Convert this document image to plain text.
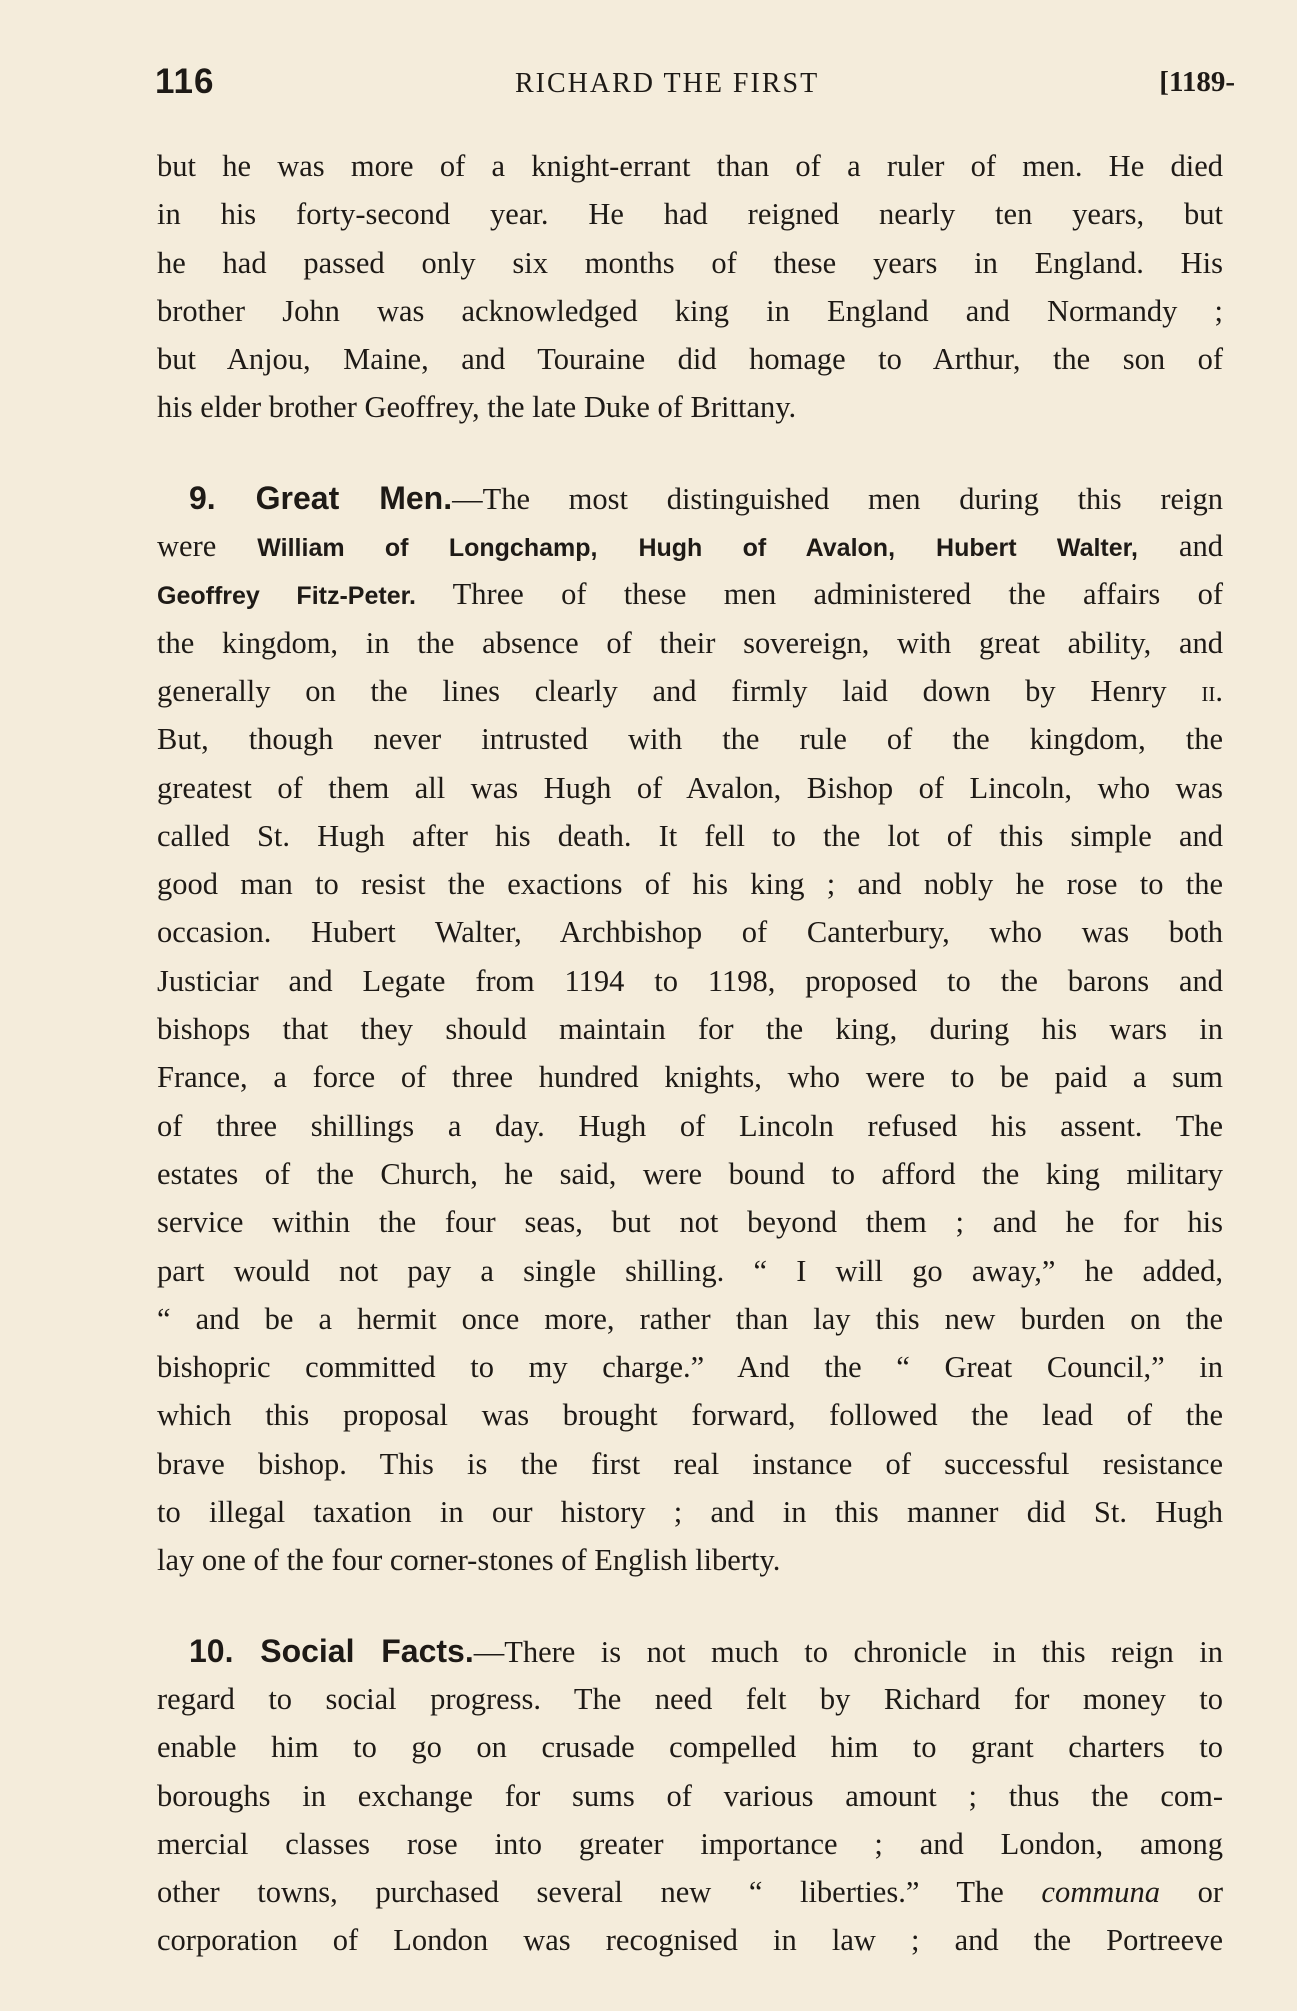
116	RICHARD THE FIRST	[1189-
but he was more of a knight-errant than of a ruler of men. He died
in his forty-second year. He had reigned nearly ten years, but
he had passed only six months of these years in England. His
brother John was acknowledged king in England and Normandy ;
but Anjou, Maine, and Touraine did homage to Arthur, the son of
his elder brother Geoffrey, the late Duke of Brittany.
9. Great Men.—The most distinguished men during this reign
were William of Longchamp, Hugh of Avalon, Hubert Walter, and
Geoffrey Fitz-Peter. Three of these men administered the affairs of
the kingdom, in the absence of their sovereign, with great ability, and
generally on the lines clearly and firmly laid down by Henry ii.
But, though never intrusted with the rule of the kingdom, the
greatest of them all was Hugh of Avalon, Bishop of Lincoln, who was
called St. Hugh after his death. It fell to the lot of this simple and
good man to resist the exactions of his king ; and nobly he rose to the
occasion. Hubert Walter, Archbishop of Canterbury, who was both
Justiciar and Legate from 1194 to 1198, proposed to the barons and
bishops that they should maintain for the king, during his wars in
France, a force of three hundred knights, who were to be paid a sum
of three shillings a day. Hugh of Lincoln refused his assent. The
estates of the Church, he said, were bound to afford the king military
service within the four seas, but not beyond them ; and he for his
part would not pay a single shilling. “ I will go away,” he added,
“ and be a hermit once more, rather than lay this new burden on the
bishopric committed to my charge.” And the “ Great Council,” in
which this proposal was brought forward, followed the lead of the
brave bishop. This is the first real instance of successful resistance
to illegal taxation in our history ; and in this manner did St. Hugh
lay one of the four corner-stones of English liberty.
10. Social Facts.—There is not much to chronicle in this reign in
regard to social progress. The need felt by Richard for money to
enable him to go on crusade compelled him to grant charters to
boroughs in exchange for sums of various amount ; thus the com-
mercial classes rose into greater importance ; and London, among
other towns, purchased several new “ liberties.” The communa or
corporation of London was recognised in law ; and the Portreeve
